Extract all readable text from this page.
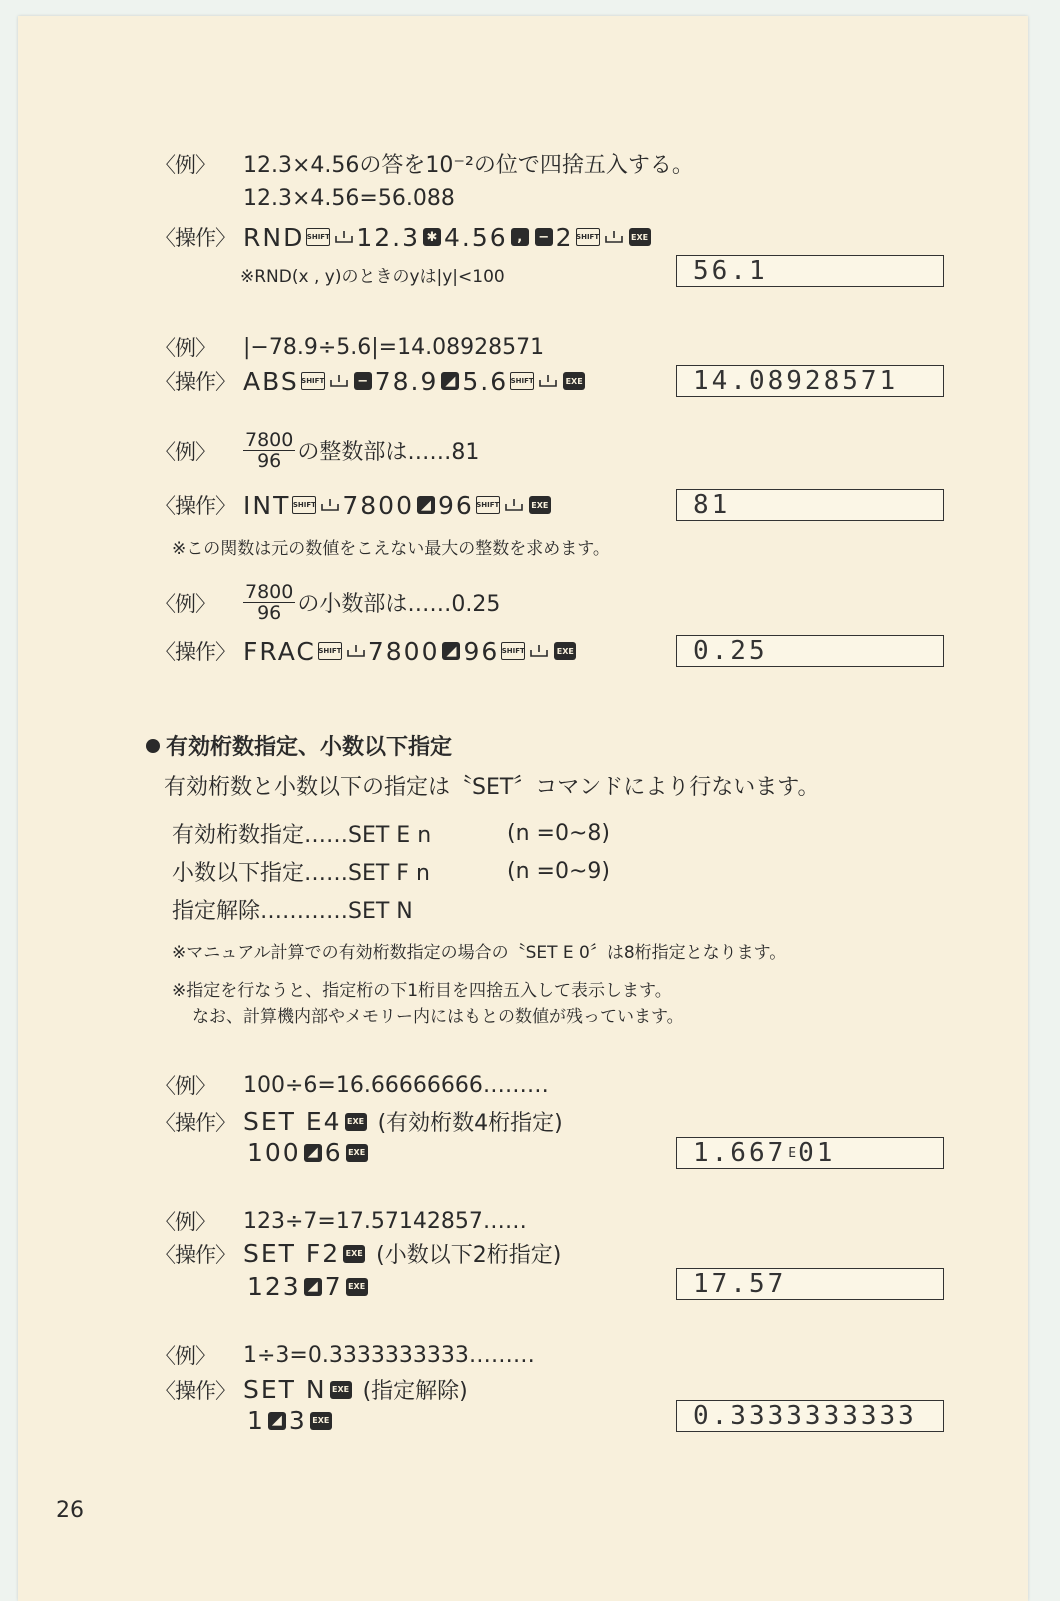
〈例〉	12.3×4.56の答を10⁻²の位で四捨五入する。
12.3×4.56=56.088
〈操作〉 RND SHIFT 12.3 ✱ 4.56 ,	− 2 SHIFT	EXE
※RND(x , y)のときのyは|y|<100	56.1
〈例〉	|−78.9÷5.6|=14.08928571
〈操作〉 ABS SHIFT	− 78.9 ◢ 5.6 SHIFT	EXE	14.08928571
〈例〉	$\frac{7800}{96}$ の整数部は……81
〈操作〉 INT SHIFT 7800 ◢ 96 SHIFT	EXE
※この関数は元の数値をこえない最大の整数を求めます。
81
〈例〉	$\frac{7800}{96}$ の小数部は……0.25
〈操作〉 FRAC SHIFT 7800 ◢ 96 SHIFT	EXE	0.25
有効桁数指定、小数以下指定
有効桁数と小数以下の指定は〝SET〞コマンドにより行ないます。
有効桁数指定……SET E n	(n =0~8)
小数以下指定……SET F n	(n =0~9)
指定解除…………SET N
※マニュアル計算での有効桁数指定の場合の〝SET E 0〞は8桁指定となります。
※指定を行なうと、指定桁の下1桁目を四捨五入して表示します。
なお、計算機内部やメモリー内にはもとの数値が残っています。
〈例〉	100÷6=16.66666666………
〈操作〉 SET E4 EXE (有効桁数4桁指定)
100 ◢ 6 EXE	1.667 E 01
〈例〉	123÷7=17.57142857……
〈操作〉 SET F2 EXE (小数以下2桁指定)
123 ◢ 7 EXE	17.57
〈例〉	1÷3=0.3333333333………
〈操作〉 SET N EXE (指定解除)
1 ◢ 3 EXE	0.3333333333
26
